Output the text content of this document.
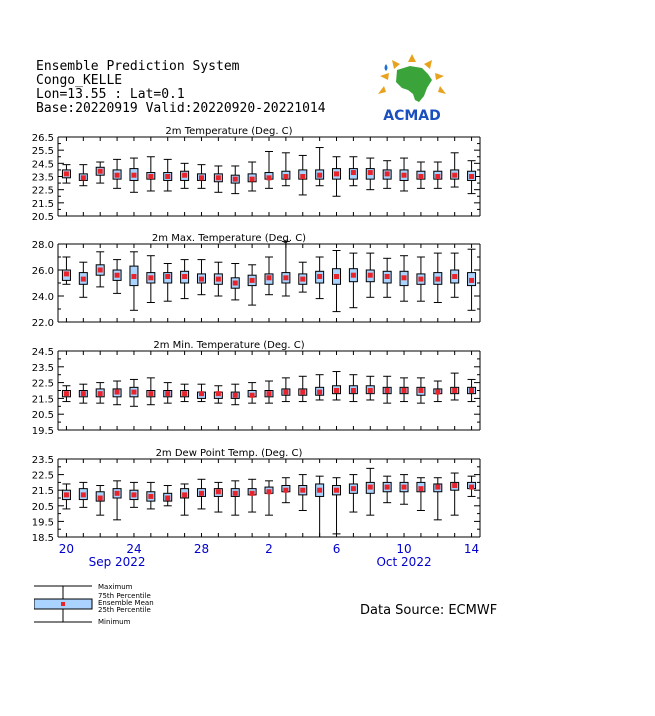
Ensemble Prediction System
Congo_KELLE
Lon=13.55 : Lat=0.1
Base:20220919 Valid:20220920-20221014	ACMAD
2m Temperature (Deg. C)
20.5
21.5
22.5
23.5
24.5
25.5
26.5
2m Max. Temperature (Deg. C)
22.0
24.0
26.0
28.0
2m Min. Temperature (Deg. C)
19.5
20.5
21.5
22.5
23.5
24.5
2m Dew Point Temp. (Deg. C)
18.5
19.5
20.5
21.5
22.5
23.5
20	24	28	2	6	10	14
Sep 2022	Oct 2022
Maximum
75th Percentile
Ensemble Mean
25th Percentile
Minimum
Data Source: ECMWF
